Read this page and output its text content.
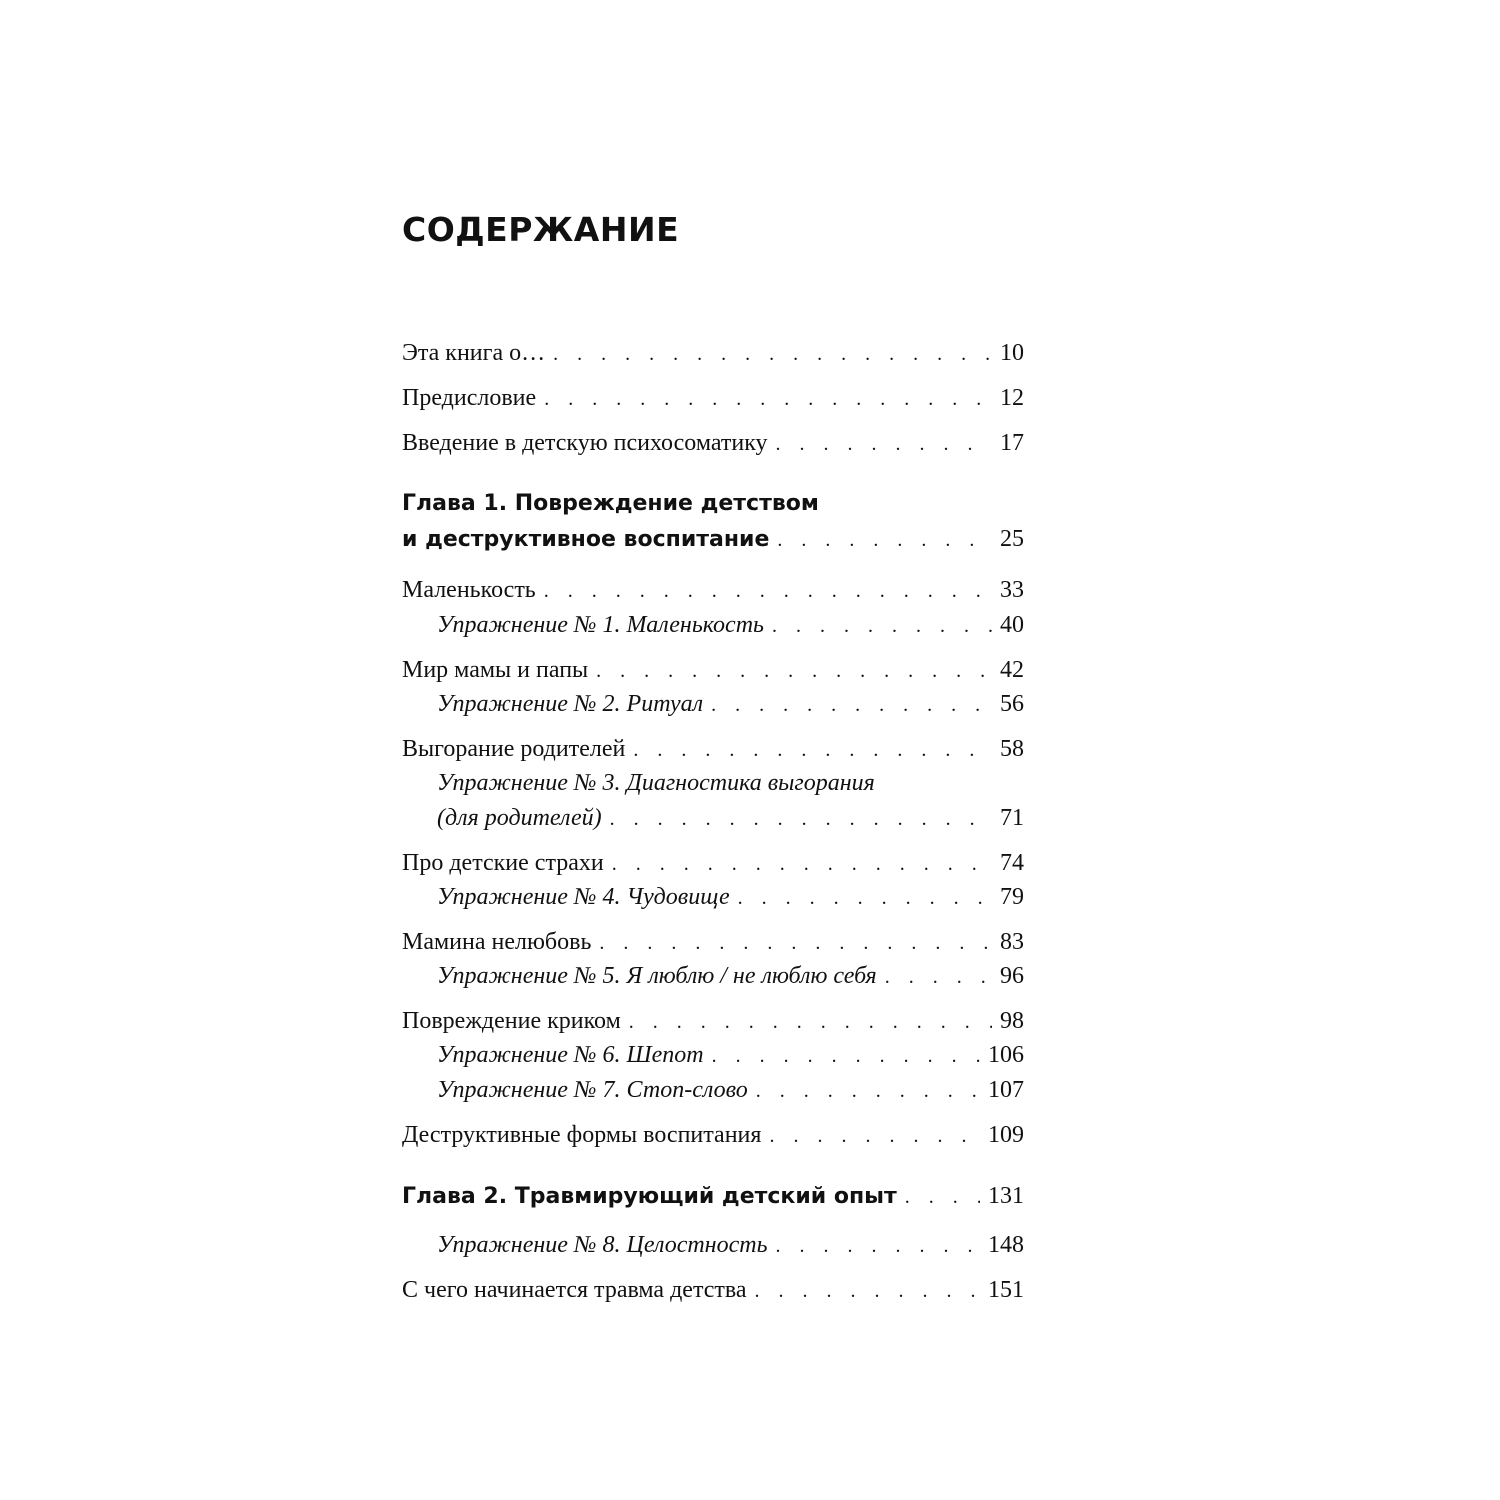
СОДЕРЖАНИЕ
Эта книга о… . . .	10
Предисловие . . .	12
Введение в детскую психосоматику . . .	17
Глава 1. Повреждение детством
и деструктивное воспитание . . .	25
Маленькость . . .	33
Упражнение № 1. Маленькость . . .	40
Мир мамы и папы . . .	42
Упражнение № 2. Ритуал . . .	56
Выгорание родителей . . .	58
Упражнение № 3. Диагностика выгорания
(для родителей) . . .	71
Про детские страхи . . .	74
Упражнение № 4. Чудовище . . .	79
Мамина нелюбовь . . .	83
Упражнение № 5. Я люблю / не люблю себя . . .	96
Повреждение криком . . .	98
Упражнение № 6. Шепот . . .	106
Упражнение № 7. Стоп-слово . . .	107
Деструктивные формы воспитания . . .	109
Глава 2. Травмирующий детский опыт . . .	131
Упражнение № 8. Целостность . . .	148
С чего начинается травма детства . . .	151
